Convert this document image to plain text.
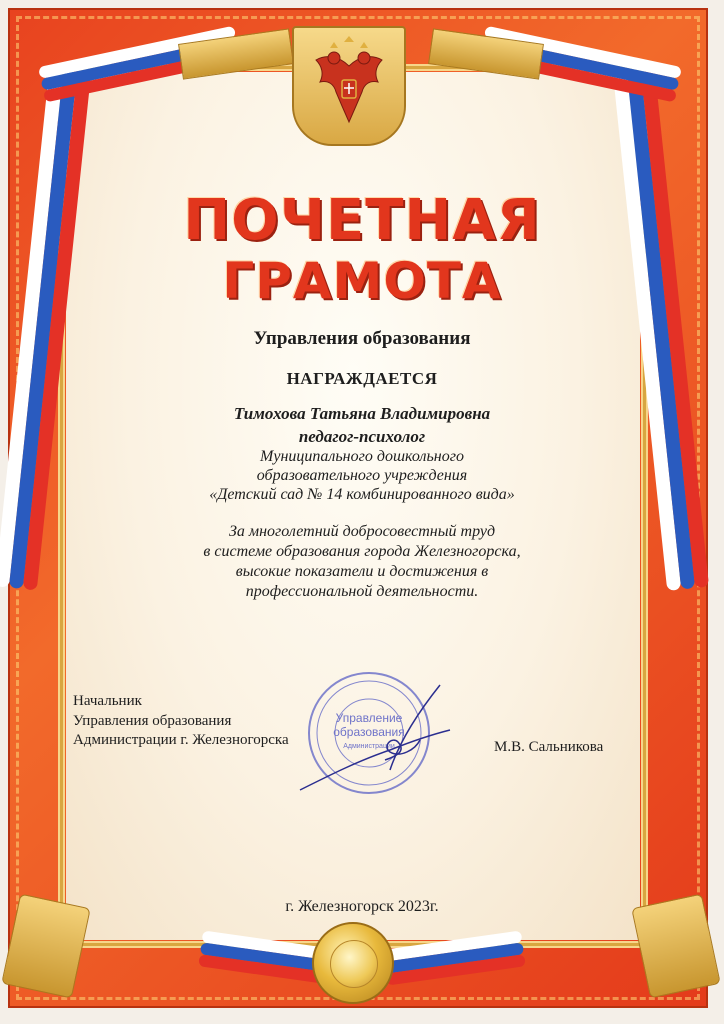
ПОЧЕТНАЯ
ГРАМОТА
Управления образования
НАГРАЖДАЕТСЯ
Тимохова Татьяна Владимировна
педагог-психолог
Муниципального дошкольного
образовательного учреждения
«Детский сад № 14 комбинированного вида»
За многолетний добросовестный труд
в системе образования города Железногорска,
высокие показатели и достижения в
профессиональной деятельности.
Начальник
Управления образования
Администрации г. Железногорска
Управление
образования
Администрации	М.В. Сальникова
г. Железногорск 2023г.
